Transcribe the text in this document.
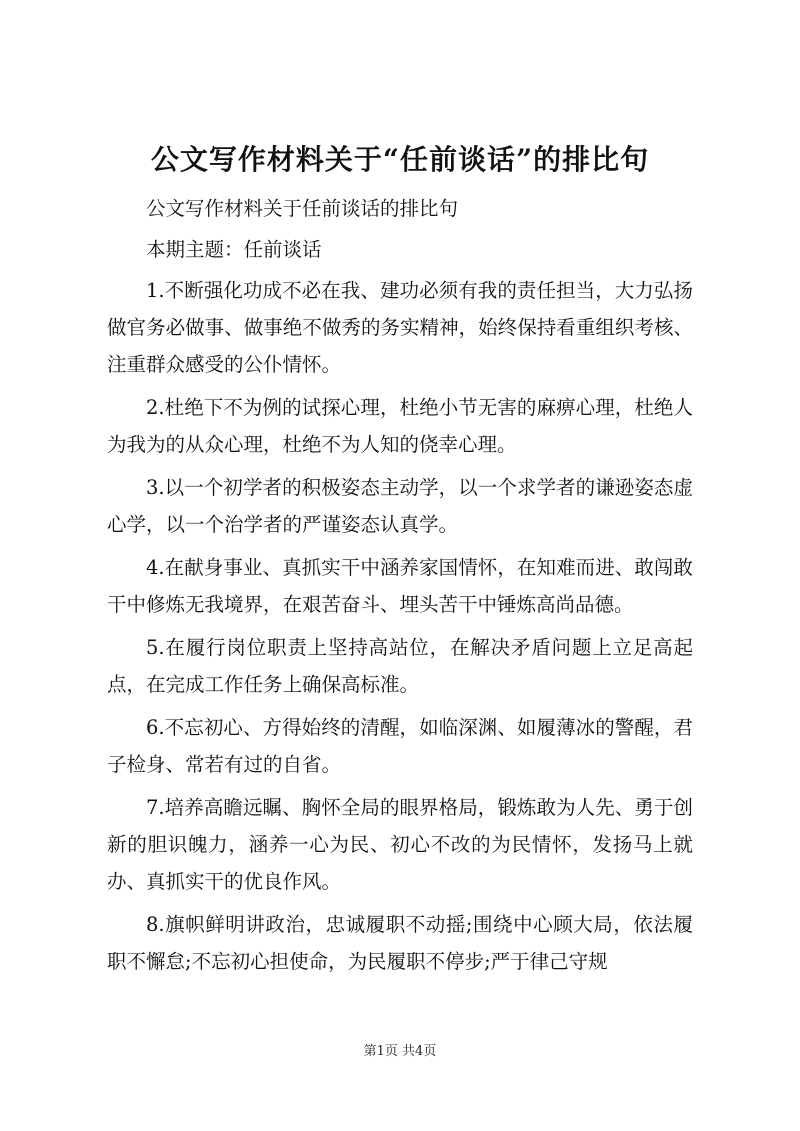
公文写作材料关于“任前谈话”的排比句

公文写作材料关于任前谈话的排比句

本期主题：任前谈话

1.不断强化功成不必在我、建功必须有我的责任担当，大力弘扬做官务必做事、做事绝不做秀的务实精神，始终保持看重组织考核、注重群众感受的公仆情怀。

2.杜绝下不为例的试探心理，杜绝小节无害的麻痹心理，杜绝人为我为的从众心理，杜绝不为人知的侥幸心理。

3.以一个初学者的积极姿态主动学，以一个求学者的谦逊姿态虚心学，以一个治学者的严谨姿态认真学。

4.在献身事业、真抓实干中涵养家国情怀，在知难而进、敢闯敢干中修炼无我境界，在艰苦奋斗、埋头苦干中锤炼高尚品德。

5.在履行岗位职责上坚持高站位，在解决矛盾问题上立足高起点，在完成工作任务上确保高标准。

6.不忘初心、方得始终的清醒，如临深渊、如履薄冰的警醒，君子检身、常若有过的自省。

7.培养高瞻远瞩、胸怀全局的眼界格局，锻炼敢为人先、勇于创新的胆识魄力，涵养一心为民、初心不改的为民情怀，发扬马上就办、真抓实干的优良作风。

8.旗帜鲜明讲政治，忠诚履职不动摇;围绕中心顾大局，依法履职不懈怠;不忘初心担使命，为民履职不停步;严于律己守规

第1页 共4页
